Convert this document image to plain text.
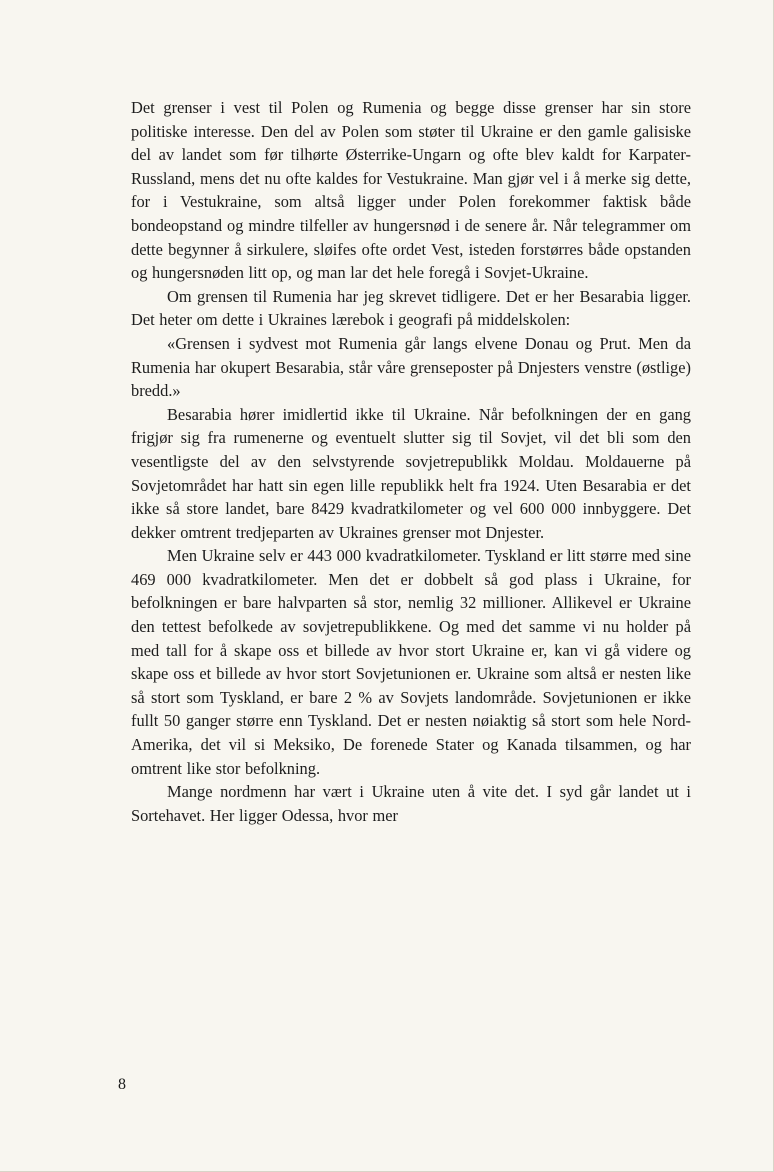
Det grenser i vest til Polen og Rumenia og begge disse grenser har sin store politiske interesse. Den del av Polen som støter til Ukraine er den gamle galisiske del av landet som før tilhørte Østerrike-Ungarn og ofte blev kaldt for Karpater-Russland, mens det nu ofte kaldes for Vestukraine. Man gjør vel i å merke sig dette, for i Vestukraine, som altså ligger under Polen forekommer faktisk både bondeopstand og mindre tilfeller av hungersnød i de senere år. Når telegrammer om dette begynner å sirkulere, sløifes ofte ordet Vest, isteden forstørres både opstanden og hungersnøden litt op, og man lar det hele foregå i Sovjet-Ukraine.

Om grensen til Rumenia har jeg skrevet tidligere. Det er her Besarabia ligger. Det heter om dette i Ukraines lærebok i geografi på middelskolen:

«Grensen i sydvest mot Rumenia går langs elvene Donau og Prut. Men da Rumenia har okupert Besarabia, står våre grenseposter på Dnjesters venstre (østlige) bredd.»

Besarabia hører imidlertid ikke til Ukraine. Når befolkningen der en gang frigjør sig fra rumenerne og eventuelt slutter sig til Sovjet, vil det bli som den vesentligste del av den selvstyrende sovjetrepublikk Moldau. Moldauerne på Sovjetområdet har hatt sin egen lille republikk helt fra 1924. Uten Besarabia er det ikke så store landet, bare 8429 kvadratkilometer og vel 600 000 innbyggere. Det dekker omtrent tredjeparten av Ukraines grenser mot Dnjester.

Men Ukraine selv er 443 000 kvadratkilometer. Tyskland er litt større med sine 469 000 kvadratkilometer. Men det er dobbelt så god plass i Ukraine, for befolkningen er bare halvparten så stor, nemlig 32 millioner. Allikevel er Ukraine den tettest befolkede av sovjetrepublikkene. Og med det samme vi nu holder på med tall for å skape oss et billede av hvor stort Ukraine er, kan vi gå videre og skape oss et billede av hvor stort Sovjetunionen er. Ukraine som altså er nesten like så stort som Tyskland, er bare 2 % av Sovjets landområde. Sovjetunionen er ikke fullt 50 ganger større enn Tyskland. Det er nesten nøiaktig så stort som hele Nord-Amerika, det vil si Meksiko, De forenede Stater og Kanada tilsammen, og har omtrent like stor befolkning.

Mange nordmenn har vært i Ukraine uten å vite det. I syd går landet ut i Sortehavet. Her ligger Odessa, hvor mer

8
